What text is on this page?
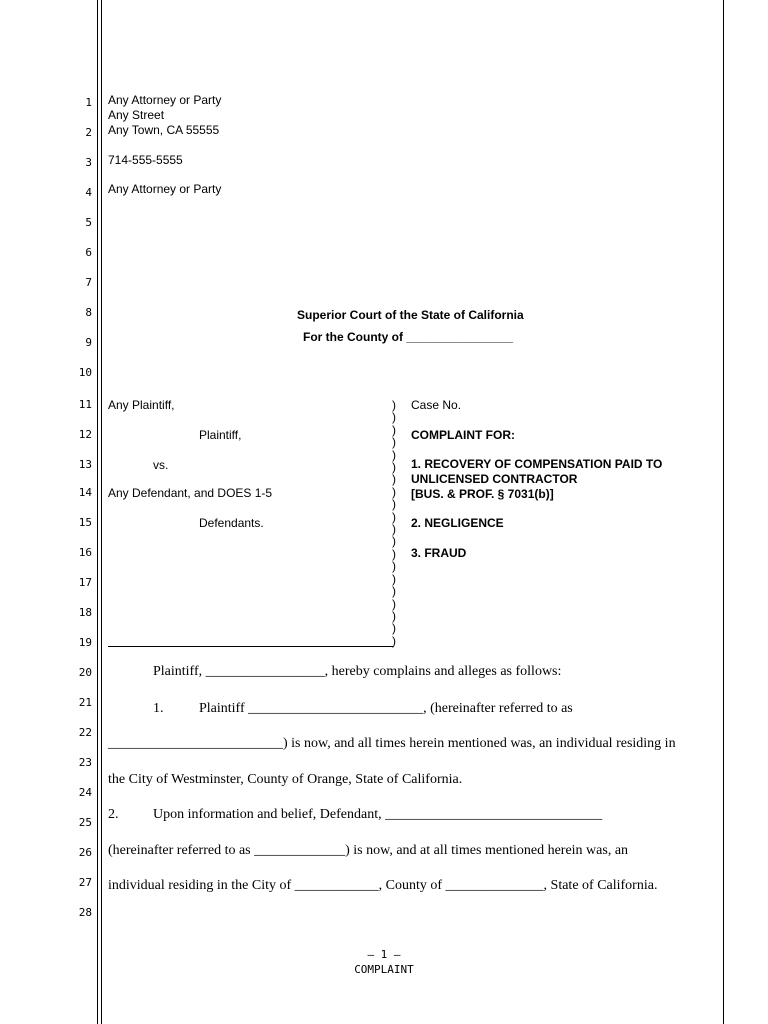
1
2
3
4
5
6
7
8
9
10
11
12
13
14
15
16
17
18
19
20
21
22
23
24
25
26
27
28
Any Attorney or Party
Any Street
Any Town, CA 55555
714-555-5555
Any Attorney or Party
Superior Court of the State of California
For the County of ________________
Any Plaintiff,
Plaintiff,
vs.
Any Defendant, and DOES 1-5
Defendants.
)
)
)
)
)
)
)
)
)
)
)
)
)
)
)
)
)
)
)
)
Case No.
COMPLAINT FOR:
1. RECOVERY OF COMPENSATION PAID TO
UNLICENSED CONTRACTOR
[BUS. & PROF. § 7031(b)]
2. NEGLIGENCE
3. FRAUD
Plaintiff, _________________, hereby complains and alleges as follows:
1.	Plaintiff _________________________, (hereinafter referred to as
_________________________) is now, and all times herein mentioned was, an individual residing in
the City of Westminster, County of Orange, State of California.
2. Upon information and belief, Defendant, _______________________________
(hereinafter referred to as _____________) is now, and at all times mentioned herein was, an
individual residing in the City of ____________, County of ______________, State of California.
– 1 –
COMPLAINT
